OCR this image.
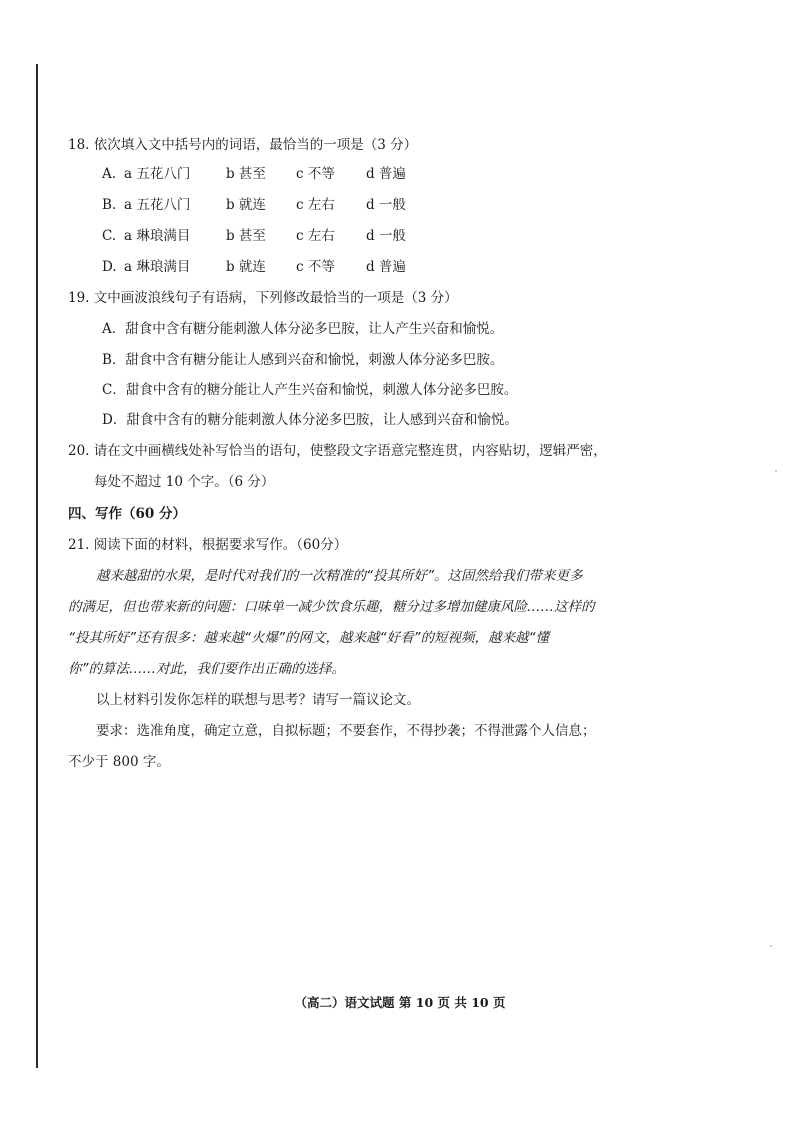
18. 依次填入文中括号内的词语，最恰当的一项是（3 分）
A. a 五花八门	b 甚至 c 不等 d 普遍
B. a 五花八门	b 就连 c 左右 d 一般
C. a 琳琅满目	b 甚至 c 左右 d 一般
D. a 琳琅满目	b 就连 c 不等 d 普遍
19. 文中画波浪线句子有语病，下列修改最恰当的一项是（3 分）
A．甜食中含有糖分能刺激人体分泌多巴胺，让人产生兴奋和愉悦。
B．甜食中含有糖分能让人感到兴奋和愉悦，刺激人体分泌多巴胺。
C．甜食中含有的糖分能让人产生兴奋和愉悦，刺激人体分泌多巴胺。
D．甜食中含有的糖分能刺激人体分泌多巴胺，让人感到兴奋和愉悦。
20. 请在文中画横线处补写恰当的语句，使整段文字语意完整连贯，内容贴切，逻辑严密，
每处不超过 10 个字。（6 分）
四、写作（60 分）
21. 阅读下面的材料，根据要求写作。（60分）
越来越甜的水果，是时代对我们的一次精准的“投其所好”。这固然给我们带来更多
的满足，但也带来新的问题：口味单一减少饮食乐趣，糖分过多增加健康风险……这样的
“投其所好”还有很多：越来越“火爆”的网文，越来越“好看”的短视频，越来越“懂
你”的算法……对此，我们要作出正确的选择。
以上材料引发你怎样的联想与思考？请写一篇议论文。
要求：选准角度，确定立意，自拟标题；不要套作，不得抄袭；不得泄露个人信息；
不少于 800 字。
（高二）语文试题 第 10 页 共 10 页
